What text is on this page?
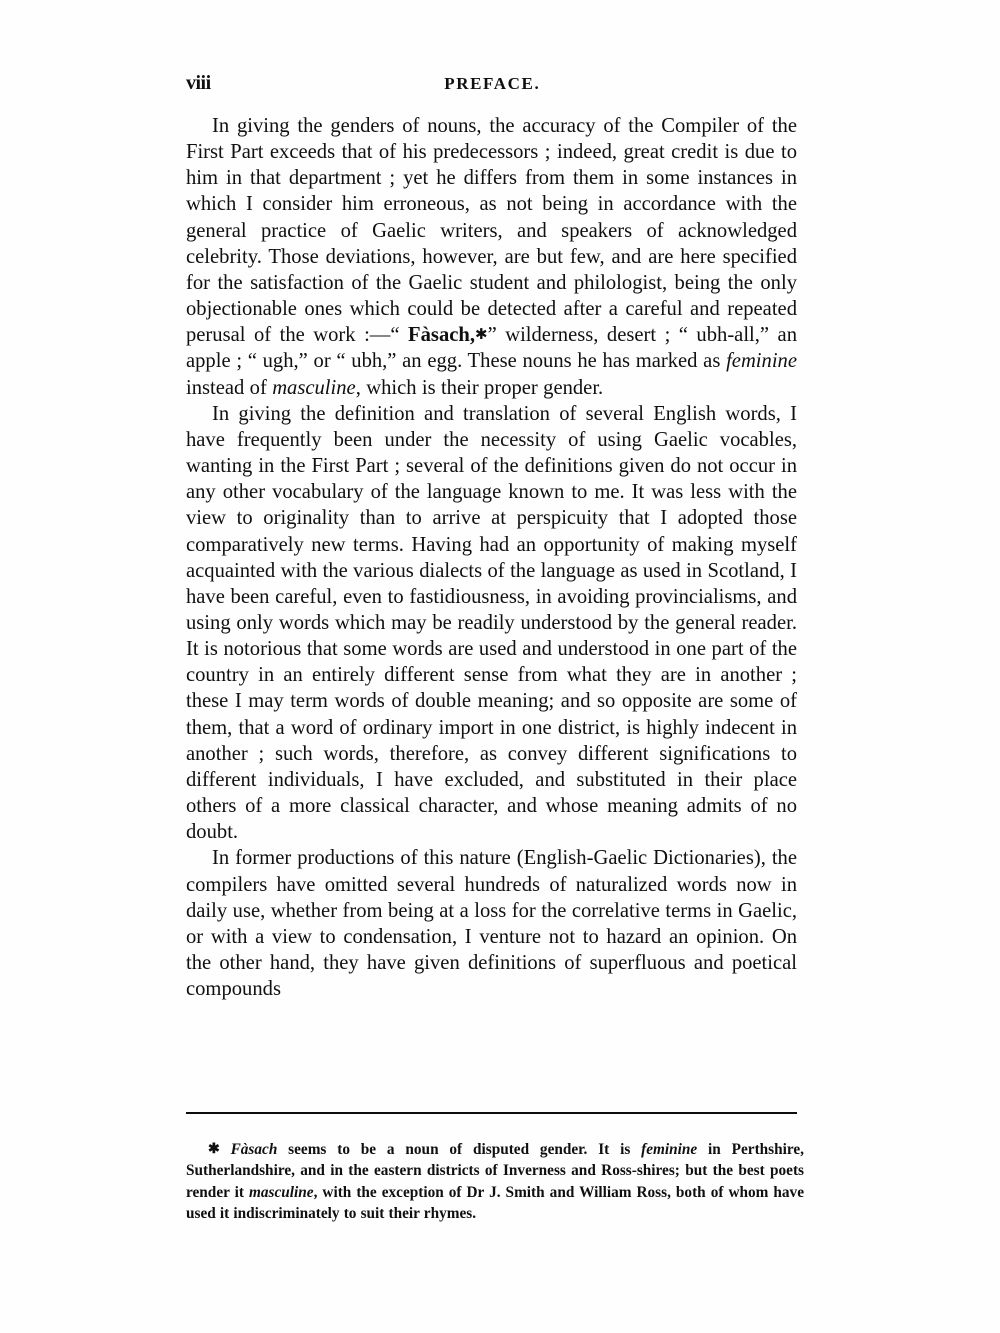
viii	PREFACE.

In giving the genders of nouns, the accuracy of the Compiler of the First Part exceeds that of his predecessors ; indeed, great credit is due to him in that department ; yet he differs from them in some instances in which I consider him erroneous, as not being in accordance with the general practice of Gaelic writers, and speakers of acknowledged celebrity. Those deviations, however, are but few, and are here specified for the satisfaction of the Gaelic student and philologist, being the only objectionable ones which could be detected after a careful and repeated perusal of the work :—“ Fàsach,✱” wilderness, desert ; “ ubh-all,” an apple ; “ ugh,” or “ ubh,” an egg. These nouns he has marked as feminine instead of masculine, which is their proper gender.

In giving the definition and translation of several English words, I have frequently been under the necessity of using Gaelic vocables, wanting in the First Part ; several of the definitions given do not occur in any other vocabulary of the language known to me. It was less with the view to originality than to arrive at perspicuity that I adopted those comparatively new terms. Having had an opportunity of making myself acquainted with the various dialects of the language as used in Scotland, I have been careful, even to fastidiousness, in avoiding provincialisms, and using only words which may be readily understood by the general reader. It is notorious that some words are used and understood in one part of the country in an entirely different sense from what they are in another ; these I may term words of double meaning; and so opposite are some of them, that a word of ordinary import in one district, is highly indecent in another ; such words, therefore, as convey different significations to different individuals, I have excluded, and substituted in their place others of a more classical character, and whose meaning admits of no doubt.

In former productions of this nature (English-Gaelic Dictionaries), the compilers have omitted several hundreds of naturalized words now in daily use, whether from being at a loss for the correlative terms in Gaelic, or with a view to condensation, I venture not to hazard an opinion. On the other hand, they have given definitions of superfluous and poetical compounds

✱ Fàsach seems to be a noun of disputed gender. It is feminine in Perthshire, Sutherlandshire, and in the eastern districts of Inverness and Ross-shires; but the best poets render it masculine, with the exception of Dr J. Smith and William Ross, both of whom have used it indiscriminately to suit their rhymes.
